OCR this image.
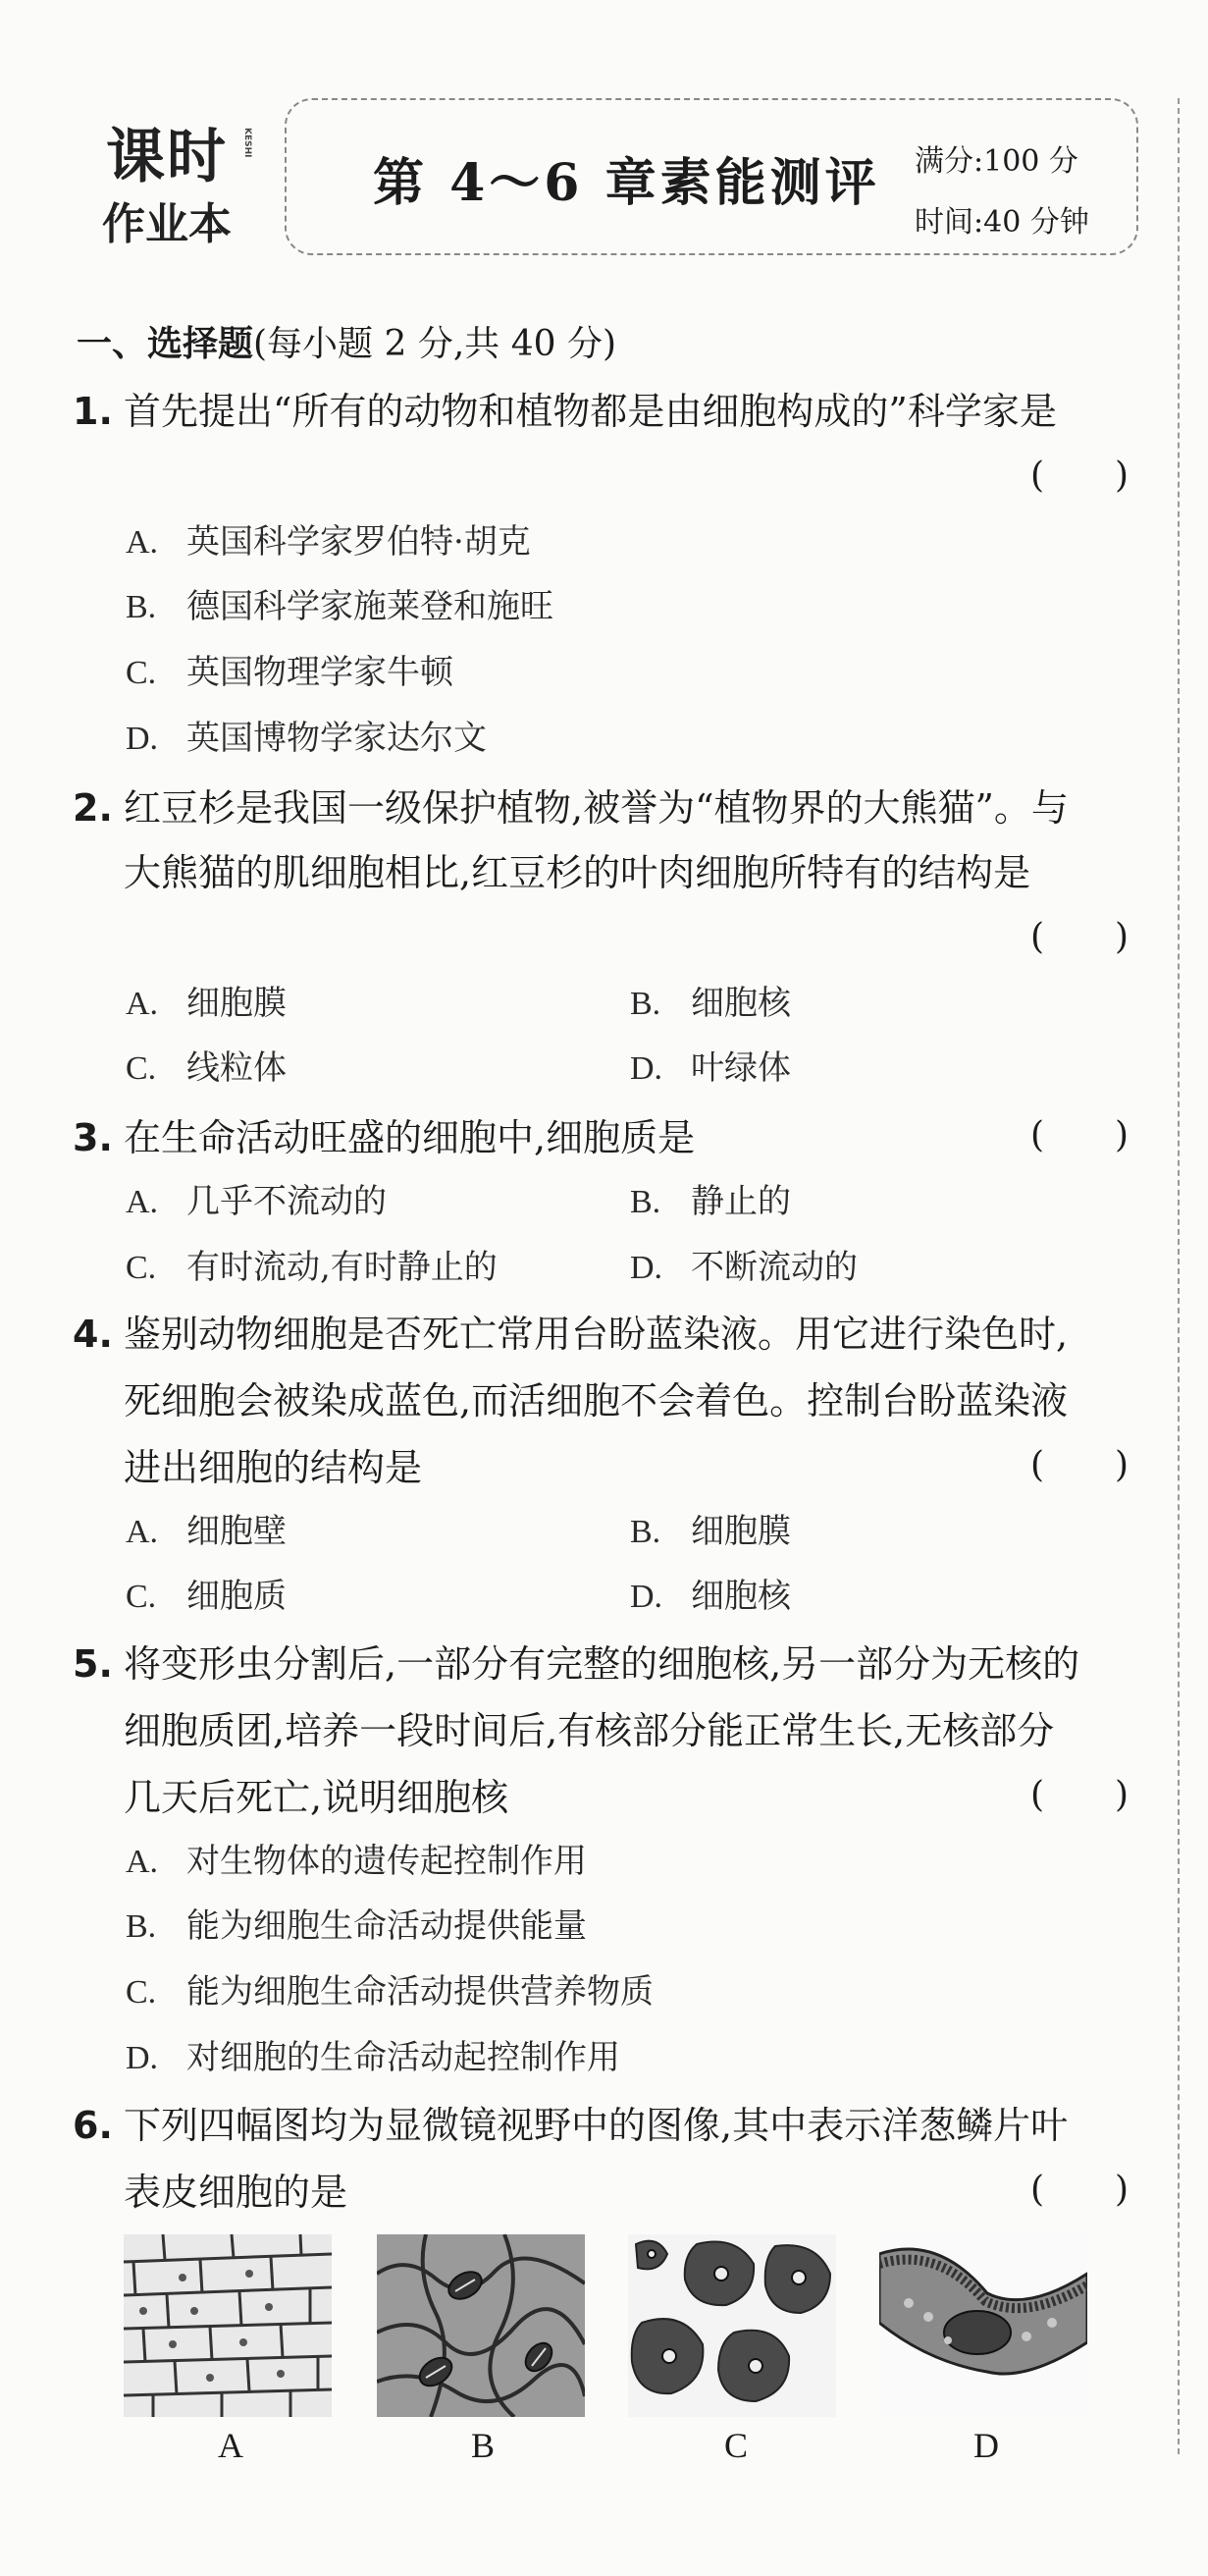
课时 KESHI
作业本
第 4～6 章素能测评 满分:100 分
时间:40 分钟
一、选择题(每小题 2 分,共 40 分)
1. 首先提出“所有的动物和植物都是由细胞构成的”科学家是
(　　)
A. 英国科学家罗伯特·胡克
B. 德国科学家施莱登和施旺
C. 英国物理学家牛顿
D. 英国博物学家达尔文
2. 红豆杉是我国一级保护植物,被誉为“植物界的大熊猫”。与
大熊猫的肌细胞相比,红豆杉的叶肉细胞所特有的结构是
(　　)
A. 细胞膜	B. 细胞核
C. 线粒体	D. 叶绿体
3. 在生命活动旺盛的细胞中,细胞质是	(　　)
A. 几乎不流动的	B. 静止的
C. 有时流动,有时静止的	D. 不断流动的
4. 鉴别动物细胞是否死亡常用台盼蓝染液。用它进行染色时,
死细胞会被染成蓝色,而活细胞不会着色。控制台盼蓝染液
进出细胞的结构是	(　　)
A. 细胞壁	B. 细胞膜
C. 细胞质	D. 细胞核
5. 将变形虫分割后,一部分有完整的细胞核,另一部分为无核的
细胞质团,培养一段时间后,有核部分能正常生长,无核部分
几天后死亡,说明细胞核	(　　)
A. 对生物体的遗传起控制作用
B. 能为细胞生命活动提供能量
C. 能为细胞生命活动提供营养物质
D. 对细胞的生命活动起控制作用
6. 下列四幅图均为显微镜视野中的图像,其中表示洋葱鳞片叶
表皮细胞的是	(　　)
A	B	C	D
